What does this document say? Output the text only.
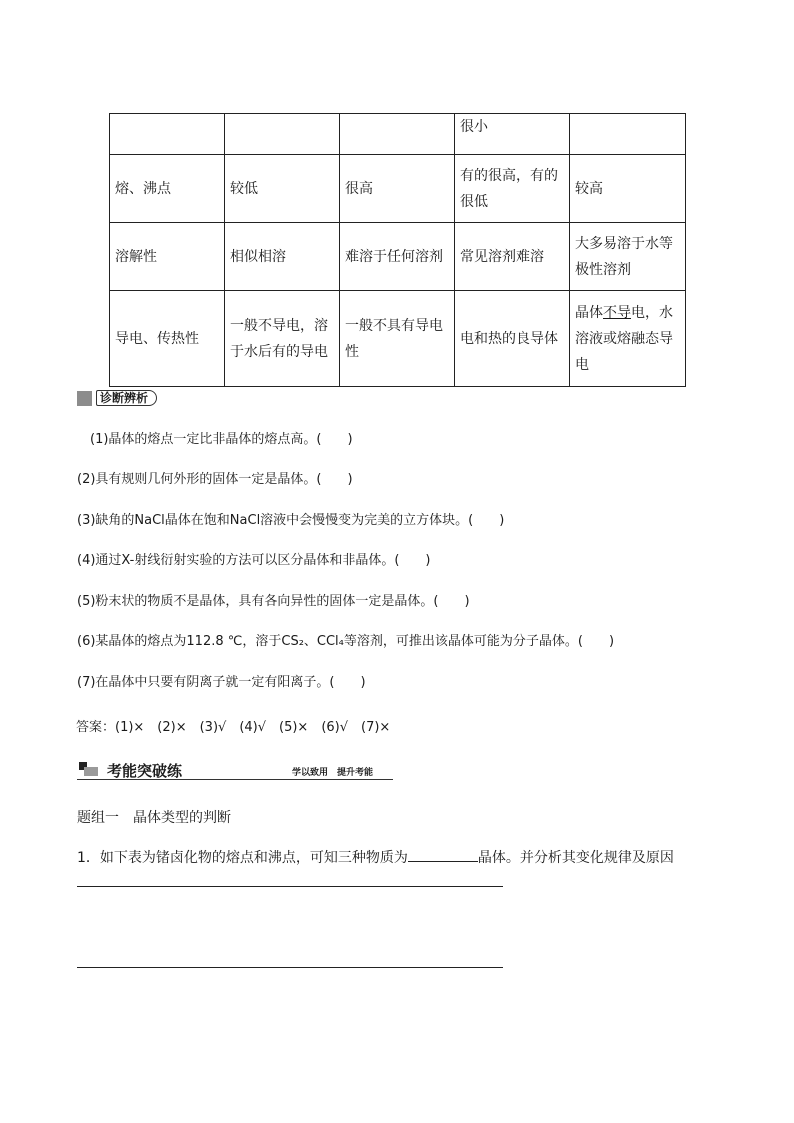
			很小	
熔、沸点	较低	很高	有的很高，有的很低	较高
溶解性	相似相溶	难溶于任何溶剂	常见溶剂难溶	大多易溶于水等极性溶剂
导电、传热性	一般不导电，溶于水后有的导电	一般不具有导电性	电和热的良导体	晶体不导电，水溶液或熔融态导电
诊断辨析
(1)晶体的熔点一定比非晶体的熔点高。(　　)
(2)具有规则几何外形的固体一定是晶体。(　　)
(3)缺角的NaCl晶体在饱和NaCl溶液中会慢慢变为完美的立方体块。(　　)
(4)通过X-射线衍射实验的方法可以区分晶体和非晶体。(　　)
(5)粉末状的物质不是晶体，具有各向异性的固体一定是晶体。(　　)
(6)某晶体的熔点为112.8 ℃，溶于CS₂、CCl₄等溶剂，可推出该晶体可能为分子晶体。(　　)
(7)在晶体中只要有阴离子就一定有阳离子。(　　)
答案：(1)×　(2)×　(3)√　(4)√　(5)×　(6)√　(7)×
考能突破练	学以致用　提升考能
题组一　晶体类型的判断
1．如下表为锗卤化物的熔点和沸点，可知三种物质为	晶体。并分析其变化规律及原因
